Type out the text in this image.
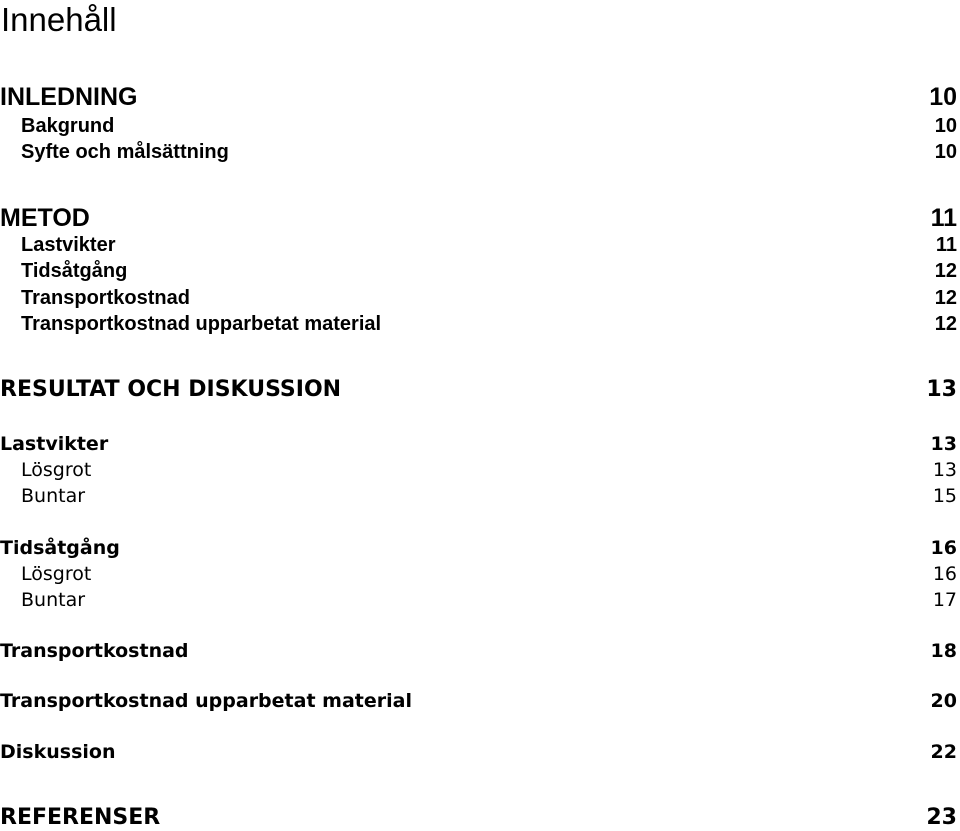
Innehåll
INLEDNING	10
Bakgrund	10
Syfte och målsättning	10
METOD	11
Lastvikter	11
Tidsåtgång	12
Transportkostnad	12
Transportkostnad upparbetat material	12
RESULTAT OCH DISKUSSION	13
Lastvikter	13
Lösgrot	13
Buntar	15
Tidsåtgång	16
Lösgrot	16
Buntar	17
Transportkostnad	18
Transportkostnad upparbetat material	20
Diskussion	22
REFERENSER	23
